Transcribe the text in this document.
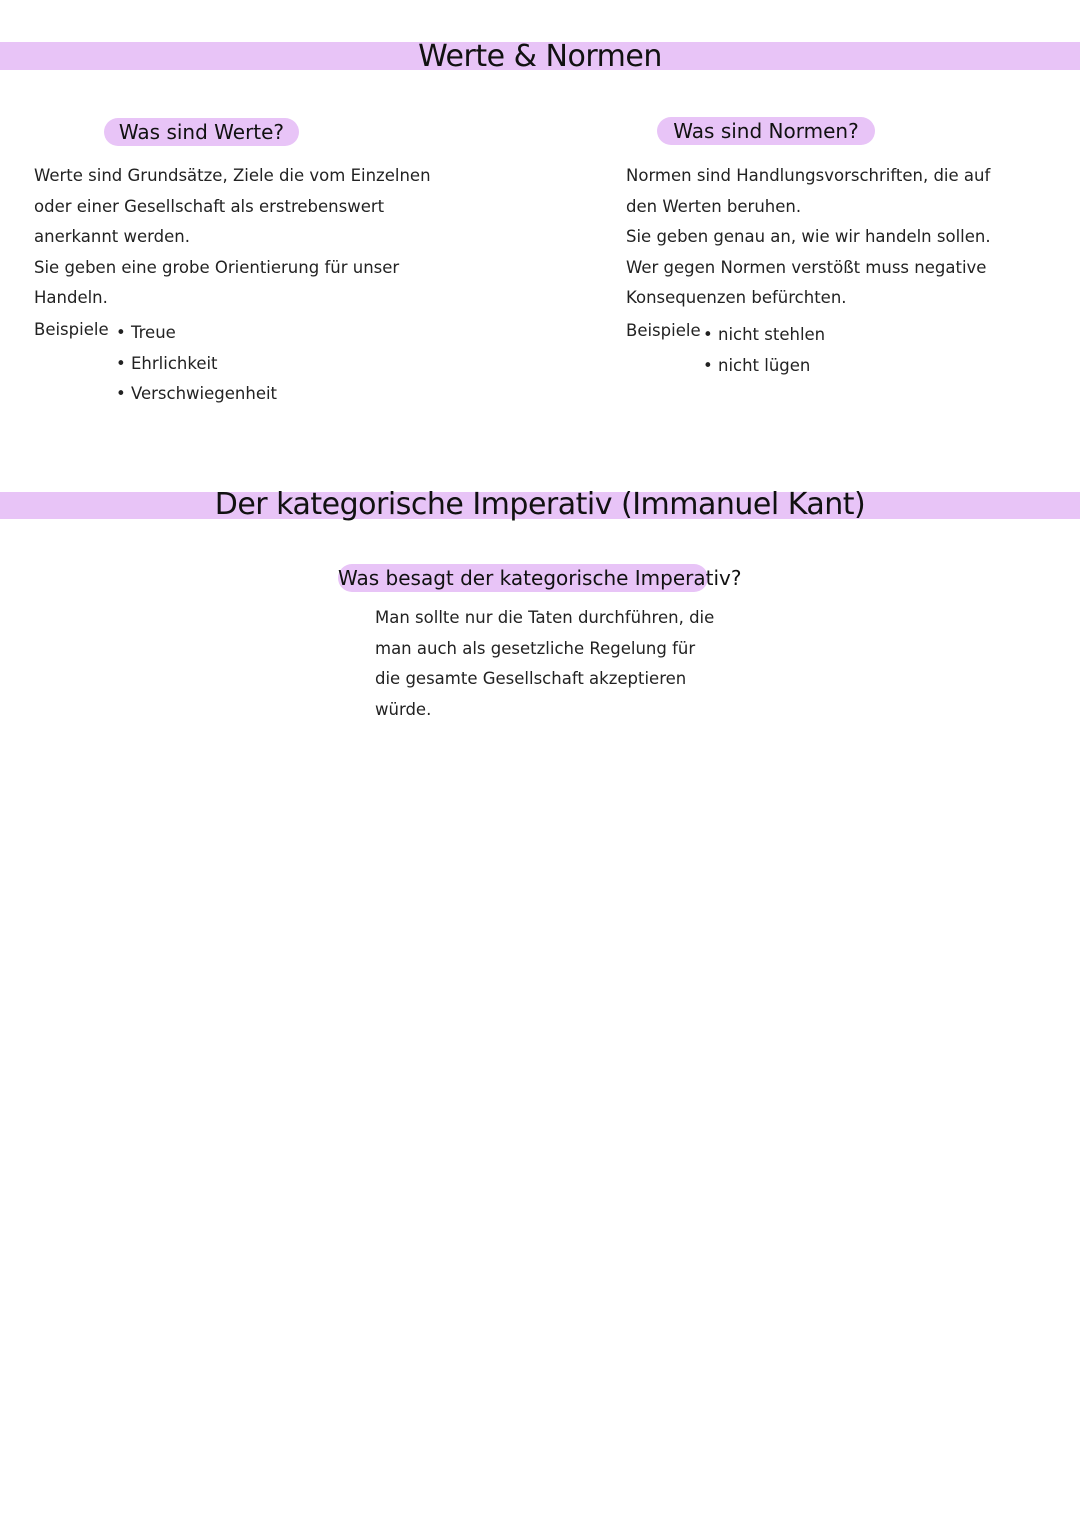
Werte & Normen
Was sind Werte?
Werte sind Grundsätze, Ziele die vom Einzelnen
oder einer Gesellschaft als erstrebenswert
anerkannt werden.
Sie geben eine grobe Orientierung für unser
Handeln.
Beispiele	• Treue
• Ehrlichkeit
• Verschwiegenheit
Was sind Normen?
Normen sind Handlungsvorschriften, die auf
den Werten beruhen.
Sie geben genau an, wie wir handeln sollen.
Wer gegen Normen verstößt muss negative
Konsequenzen befürchten.
Beispiele	• nicht stehlen
• nicht lügen
Der kategorische Imperativ (Immanuel Kant)
Was besagt der kategorische Imperativ?
Man sollte nur die Taten durchführen, die
man auch als gesetzliche Regelung für
die gesamte Gesellschaft akzeptieren
würde.
